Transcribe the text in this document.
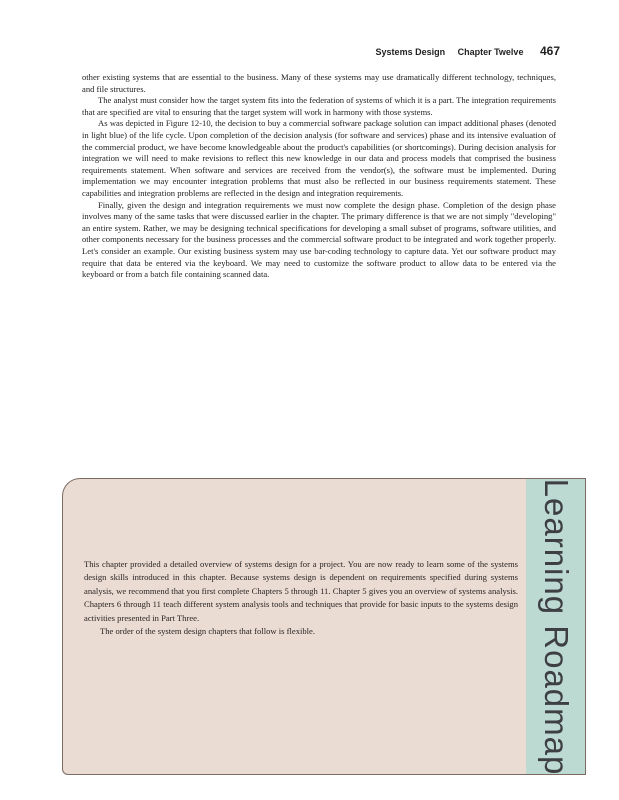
Systems Design Chapter Twelve 467

other existing systems that are essential to the business. Many of these systems may use dramatically different technology, techniques, and file structures.

The analyst must consider how the target system fits into the federation of systems of which it is a part. The integration requirements that are specified are vital to ensuring that the target system will work in harmony with those systems.

As was depicted in Figure 12-10, the decision to buy a commercial software package solution can impact additional phases (denoted in light blue) of the life cycle. Upon completion of the decision analysis (for software and services) phase and its intensive evaluation of the commercial product, we have become knowledgeable about the product's capabilities (or shortcomings). During decision analysis for integration we will need to make revisions to reflect this new knowledge in our data and process models that comprised the business requirements statement. When software and services are received from the vendor(s), the software must be implemented. During implementation we may encounter integration problems that must also be reflected in our business requirements statement. These capabilities and integration problems are reflected in the design and integration requirements.

Finally, given the design and integration requirements we must now complete the design phase. Completion of the design phase involves many of the same tasks that were discussed earlier in the chapter. The primary difference is that we are not simply "developing" an entire system. Rather, we may be designing technical specifications for developing a small subset of programs, software utilities, and other components necessary for the business processes and the commercial software product to be integrated and work together properly. Let's consider an example. Our existing business system may use bar-coding technology to capture data. Yet our software product may require that data be entered via the keyboard. We may need to customize the software product to allow data to be entered via the keyboard or from a batch file containing scanned data.

Learning Roadmap

This chapter provided a detailed overview of systems design for a project. You are now ready to learn some of the systems design skills introduced in this chapter. Because systems design is dependent on requirements specified during systems analysis, we recommend that you first complete Chapters 5 through 11. Chapter 5 gives you an overview of systems analysis. Chapters 6 through 11 teach different system analysis tools and techniques that provide for basic inputs to the systems design activities presented in Part Three.

The order of the system design chapters that follow is flexible.
